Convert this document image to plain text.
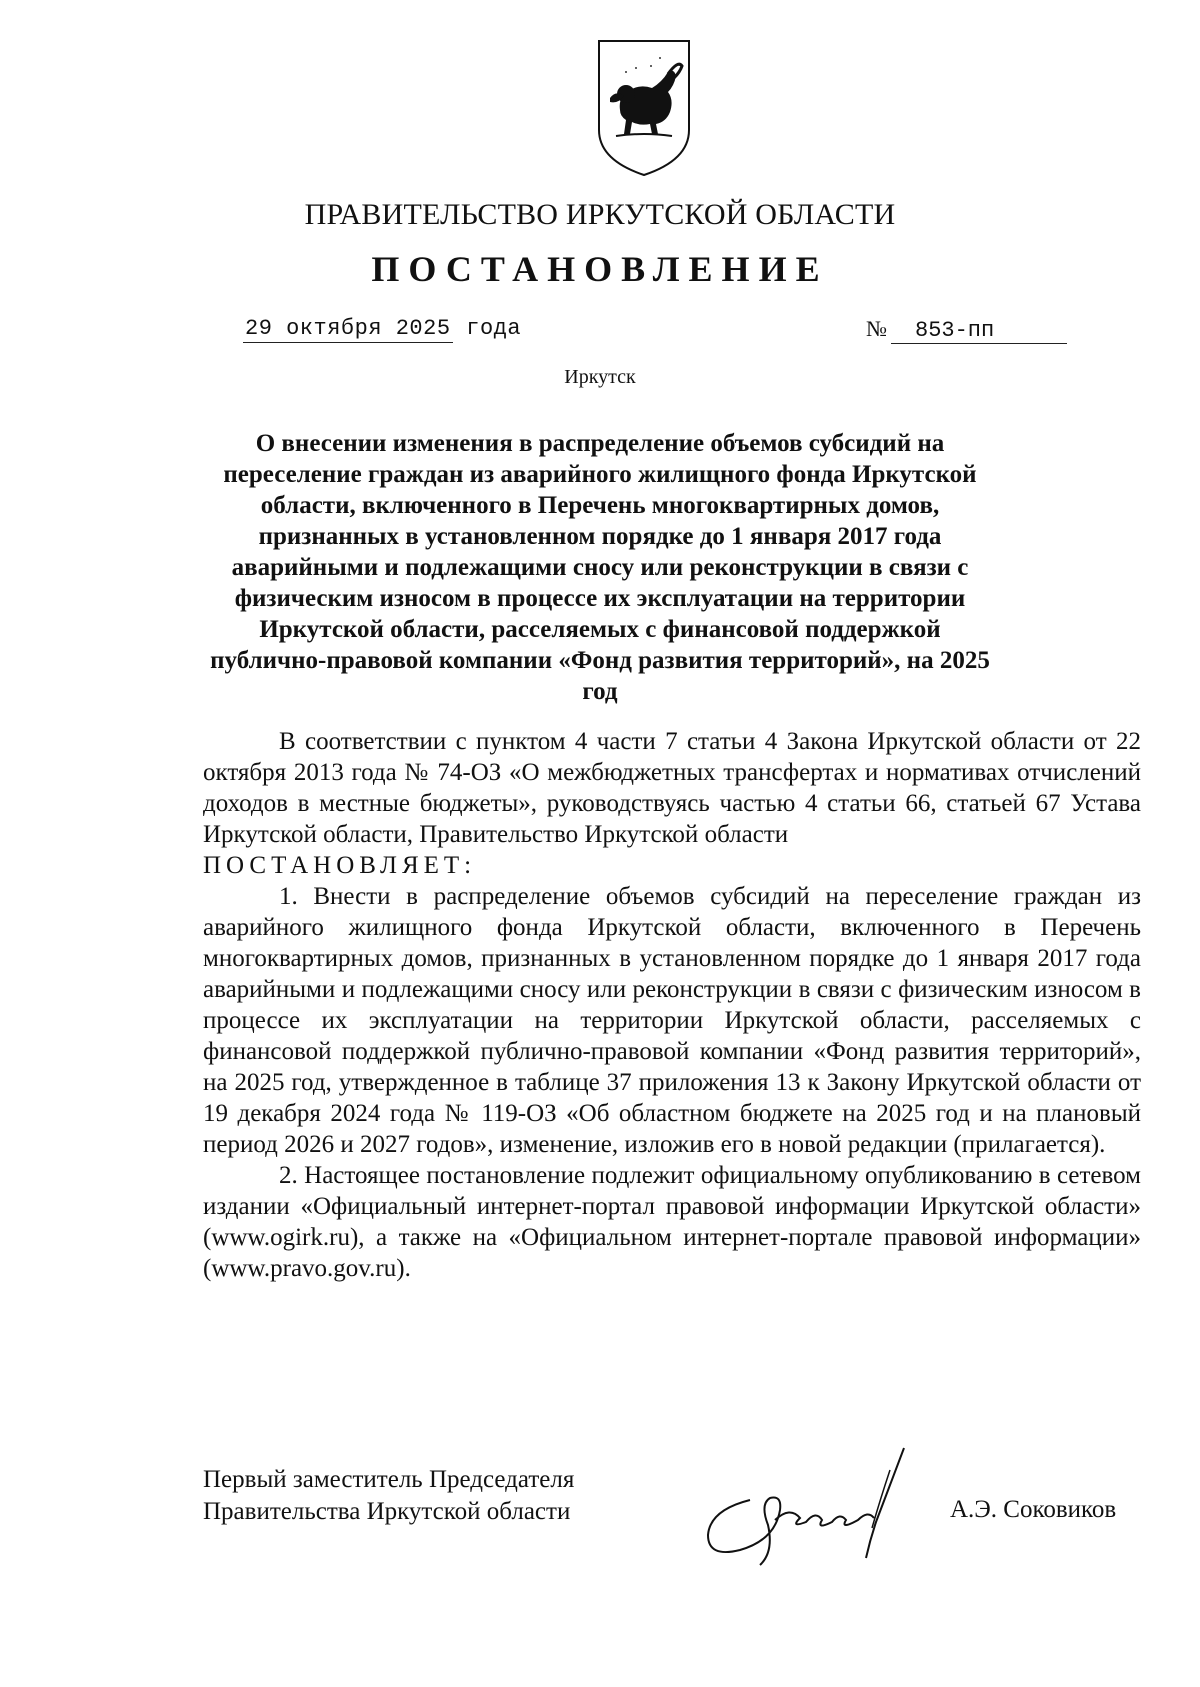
ПРАВИТЕЛЬСТВО ИРКУТСКОЙ ОБЛАСТИ
ПОСТАНОВЛЕНИЕ
29 октября 2025 года	№ 853-пп
Иркутск
О внесении изменения в распределение объемов субсидий на переселение граждан из аварийного жилищного фонда Иркутской области, включенного в Перечень многоквартирных домов, признанных в установленном порядке до 1 января 2017 года аварийными и подлежащими сносу или реконструкции в связи с физическим износом в процессе их эксплуатации на территории Иркутской области, расселяемых с финансовой поддержкой публично-правовой компании «Фонд развития территорий», на 2025 год

В соответствии с пунктом 4 части 7 статьи 4 Закона Иркутской области от 22 октября 2013 года № 74-ОЗ «О межбюджетных трансфертах и нормативах отчислений доходов в местные бюджеты», руководствуясь частью 4 статьи 66, статьей 67 Устава Иркутской области, Правительство Иркутской области

ПОСТАНОВЛЯЕТ:

1. Внести в распределение объемов субсидий на переселение граждан из аварийного жилищного фонда Иркутской области, включенного в Перечень многоквартирных домов, признанных в установленном порядке до 1 января 2017 года аварийными и подлежащими сносу или реконструкции в связи с физическим износом в процессе их эксплуатации на территории Иркутской области, расселяемых с финансовой поддержкой публично-правовой компании «Фонд развития территорий», на 2025 год, утвержденное в таблице 37 приложения 13 к Закону Иркутской области от 19 декабря 2024 года № 119-ОЗ «Об областном бюджете на 2025 год и на плановый период 2026 и 2027 годов», изменение, изложив его в новой редакции (прилагается).

2. Настоящее постановление подлежит официальному опубликованию в сетевом издании «Официальный интернет-портал правовой информации Иркутской области» (www.ogirk.ru), а также на «Официальном интернет-портале правовой информации» (www.pravo.gov.ru).

Первый заместитель Председателя
Правительства Иркутской области	А.Э. Соковиков
